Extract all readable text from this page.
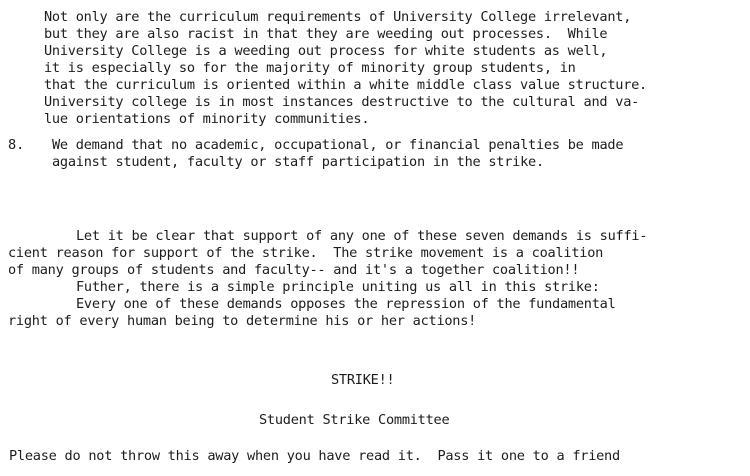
Not only are the curriculum requirements of University College irrelevant,
but they are also racist in that they are weeding out processes.  While
University College is a weeding out process for white students as well,
it is especially so for the majority of minority group students, in
that the curriculum is oriented within a white middle class value structure.
University college is in most instances destructive to the cultural and va-
lue orientations of minority communities.
8. We demand that no academic, occupational, or financial penalties be made
against student, faculty or staff participation in the strike.
Let it be clear that support of any one of these seven demands is suffi-
cient reason for support of the strike.  The strike movement is a coalition
of many groups of students and faculty-- and it's a together coalition!!
Futher, there is a simple principle uniting us all in this strike:
Every one of these demands opposes the repression of the fundamental
right of every human being to determine his or her actions!
STRIKE!!
Student Strike Committee
Please do not throw this away when you have read it.  Pass it one to a friend
